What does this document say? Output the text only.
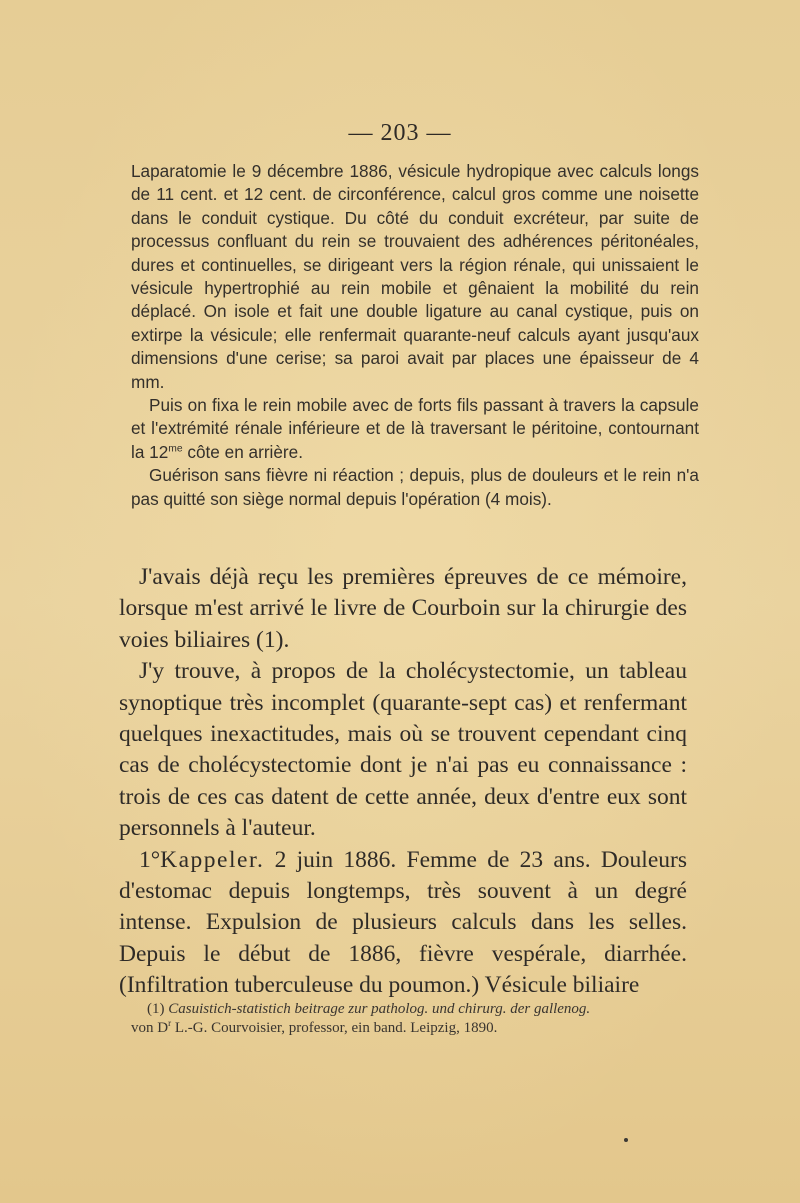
— 203 —

Laparatomie le 9 décembre 1886, vésicule hydropique avec calculs longs de 11 cent. et 12 cent. de circonférence, calcul gros comme une noisette dans le conduit cystique. Du côté du conduit excréteur, par suite de processus confluant du rein se trouvaient des adhérences péritonéales, dures et continuelles, se dirigeant vers la région rénale, qui unissaient le vésicule hypertrophié au rein mobile et gênaient la mobilité du rein déplacé. On isole et fait une double ligature au canal cystique, puis on extirpe la vésicule; elle renfermait quarante-neuf calculs ayant jusqu'aux dimensions d'une cerise; sa paroi avait par places une épaisseur de 4 mm.

Puis on fixa le rein mobile avec de forts fils passant à travers la capsule et l'extrémité rénale inférieure et de là traversant le péritoine, contournant la $12^{me}$ côte en arrière.

Guérison sans fièvre ni réaction ; depuis, plus de douleurs et le rein n'a pas quitté son siège normal depuis l'opération (4 mois).

J'avais déjà reçu les premières épreuves de ce mémoire, lorsque m'est arrivé le livre de Courboin sur la chirurgie des voies biliaires (1).

J'y trouve, à propos de la cholécystectomie, un tableau synoptique très incomplet (quarante-sept cas) et renfermant quelques inexactitudes, mais où se trouvent cependant cinq cas de cholécystectomie dont je n'ai pas eu connaissance : trois de ces cas datent de cette année, deux d'entre eux sont personnels à l'auteur.

1°Kappeler. 2 juin 1886. Femme de 23 ans. Douleurs d'estomac depuis longtemps, très souvent à un degré intense. Expulsion de plusieurs calculs dans les selles. Depuis le début de 1886, fièvre vespérale, diarrhée. (Infiltration tuberculeuse du poumon.) Vésicule biliaire

(1) Casuistich-statistich beitrage zur patholog. und chirurg. der gallenog.

von $D^r$ L.-G. Courvoisier, professor, ein band. Leipzig, 1890.
